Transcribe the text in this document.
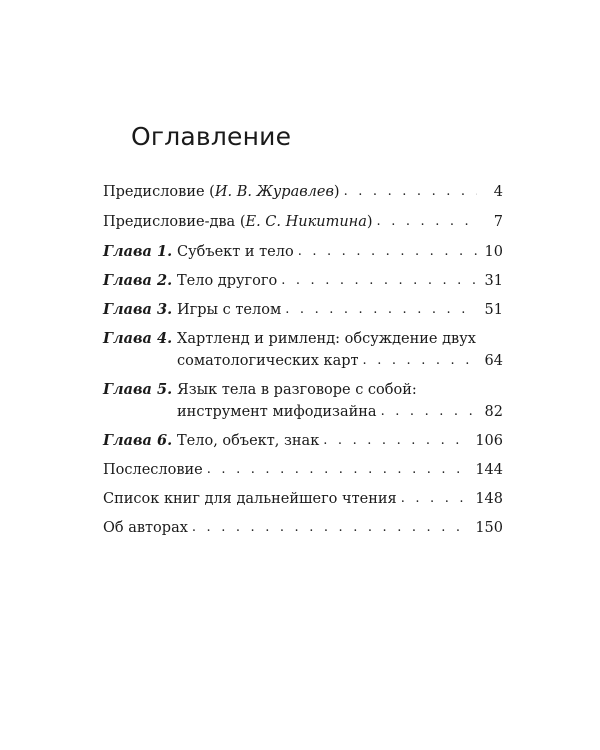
Оглавление
Предисловие (И. В. Журавлев) . . .	4
Предисловие-два (Е. С. Никитина) . . .	7
Глава 1. Субъект и тело . . .	10
Глава 2. Тело другого . . .	31
Глава 3. Игры с телом . . .	51
Глава 4. Хартленд и римленд: обсуждение двух
соматологических карт . . .	64
Глава 5. Язык тела в разговоре с собой:
инструмент мифодизайна . . .	82
Глава 6. Тело, объект, знак . . .	106
Послесловие . . .	144
Список книг для дальнейшего чтения . . .	148
Об авторах . . .	150
